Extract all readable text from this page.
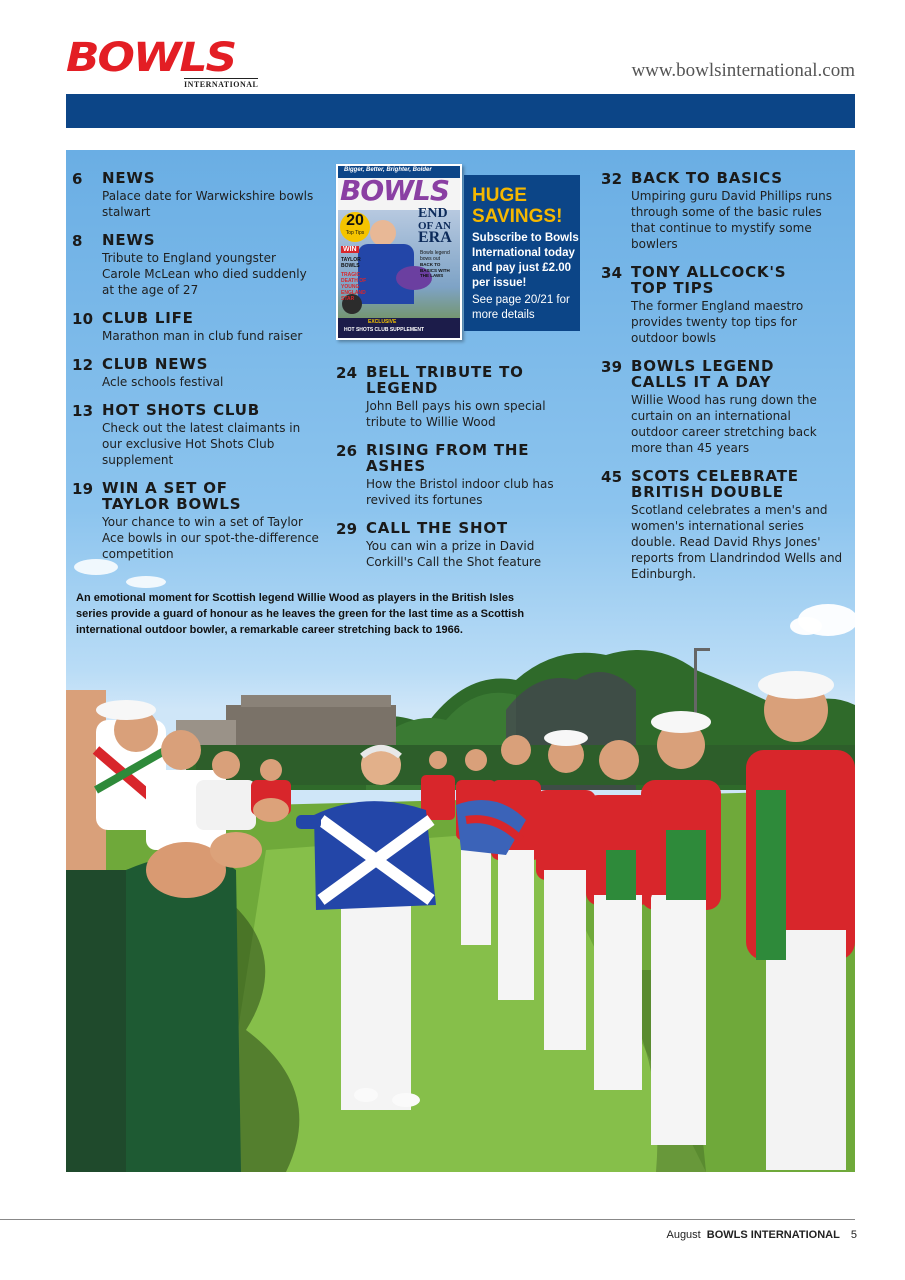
BOWLS
INTERNATIONAL
www.bowlsinternational.com
6 NEWS
Palace date for Warwickshire bowls stalwart
8 NEWS
Tribute to England youngster Carole McLean who died suddenly at the age of 27
10 CLUB LIFE
Marathon man in club fund raiser
12 CLUB NEWS
Acle schools festival
13 HOT SHOTS CLUB
Check out the latest claimants in our exclusive Hot Shots Club supplement
19 WIN A SET OF TAYLOR BOWLS
Your chance to win a set of Taylor Ace bowls in our spot-the-difference competition
Bigger, Better, Brighter, Bolder
BOWLS
20
Top Tips
WIN
TAYLOR BOWLS
TRAGIC DEATH OF YOUNG ENGLAND STAR
END
OF AN
ERA
Bowls legend bows out
BACK TO BASICS WITH THE LAWS
EXCLUSIVE
HOT SHOTS CLUB SUPPLEMENT
HUGE SAVINGS!
Subscribe to Bowls International today and pay just £2.00 per issue!
See page 20/21 for more details
24 BELL TRIBUTE TO LEGEND
John Bell pays his own special tribute to Willie Wood
26 RISING FROM THE ASHES
How the Bristol indoor club has revived its fortunes
29 CALL THE SHOT
You can win a prize in David Corkill's Call the Shot feature
32 BACK TO BASICS
Umpiring guru David Phillips runs through some of the basic rules that continue to mystify some bowlers
34 TONY ALLCOCK'S TOP TIPS
The former England maestro provides twenty top tips for outdoor bowls
39 BOWLS LEGEND CALLS IT A DAY
Willie Wood has rung down the curtain on an international outdoor career stretching back more than 45 years
45 SCOTS CELEBRATE BRITISH DOUBLE
Scotland celebrates a men's and women's international series double. Read David Rhys Jones' reports from Llandrindod Wells and Edinburgh.
An emotional moment for Scottish legend Willie Wood as players in the British Isles series provide a guard of honour as he leaves the green for the last time as a Scottish international outdoor bowler, a remarkable career stretching back to 1966.
August BOWLS INTERNATIONAL 5
